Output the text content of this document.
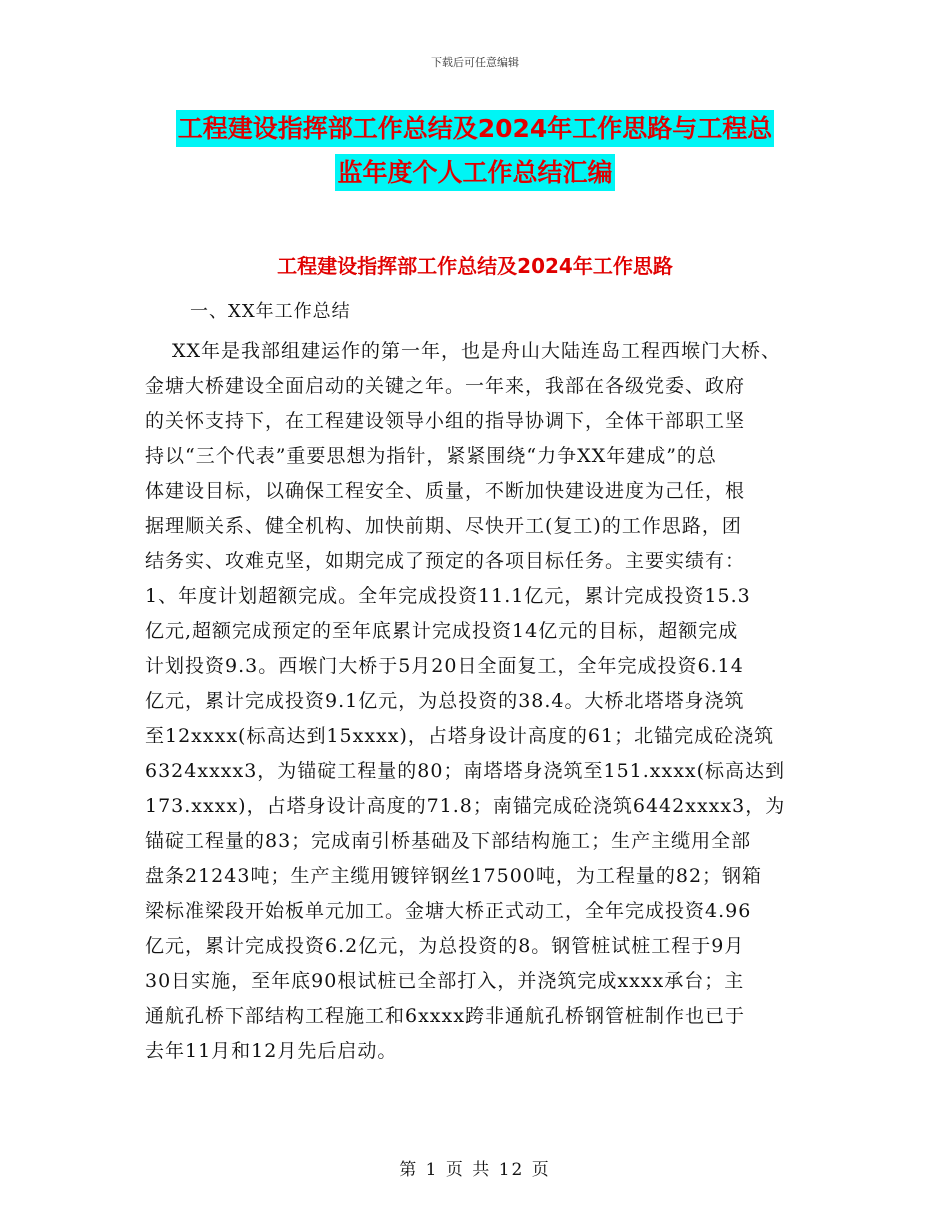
下载后可任意编辑
工程建设指挥部工作总结及2024年工作思路与工程总
监年度个人工作总结汇编
工程建设指挥部工作总结及2024年工作思路
一、XX年工作总结
XX年是我部组建运作的第一年，也是舟山大陆连岛工程西堠门大桥、
金塘大桥建设全面启动的关键之年。一年来，我部在各级党委、政府
的关怀支持下，在工程建设领导小组的指导协调下，全体干部职工坚
持以“三个代表”重要思想为指针，紧紧围绕“力争XX年建成”的总
体建设目标，以确保工程安全、质量，不断加快建设进度为己任，根
据理顺关系、健全机构、加快前期、尽快开工(复工)的工作思路，团
结务实、攻难克坚，如期完成了预定的各项目标任务。主要实绩有：
1、年度计划超额完成。全年完成投资11.1亿元，累计完成投资15.3
亿元,超额完成预定的至年底累计完成投资14亿元的目标，超额完成
计划投资9.3。西堠门大桥于5月20日全面复工，全年完成投资6.14
亿元，累计完成投资9.1亿元，为总投资的38.4。大桥北塔塔身浇筑
至12xxxx(标高达到15xxxx)，占塔身设计高度的61；北锚完成砼浇筑
6324xxxx3，为锚碇工程量的80；南塔塔身浇筑至151.xxxx(标高达到
173.xxxx)，占塔身设计高度的71.8；南锚完成砼浇筑6442xxxx3，为
锚碇工程量的83；完成南引桥基础及下部结构施工；生产主缆用全部
盘条21243吨；生产主缆用镀锌钢丝17500吨，为工程量的82；钢箱
梁标准梁段开始板单元加工。金塘大桥正式动工，全年完成投资4.96
亿元，累计完成投资6.2亿元，为总投资的8。钢管桩试桩工程于9月
30日实施，至年底90根试桩已全部打入，并浇筑完成xxxx承台；主
通航孔桥下部结构工程施工和6xxxx跨非通航孔桥钢管桩制作也已于
去年11月和12月先后启动。
第 1 页 共 12 页
